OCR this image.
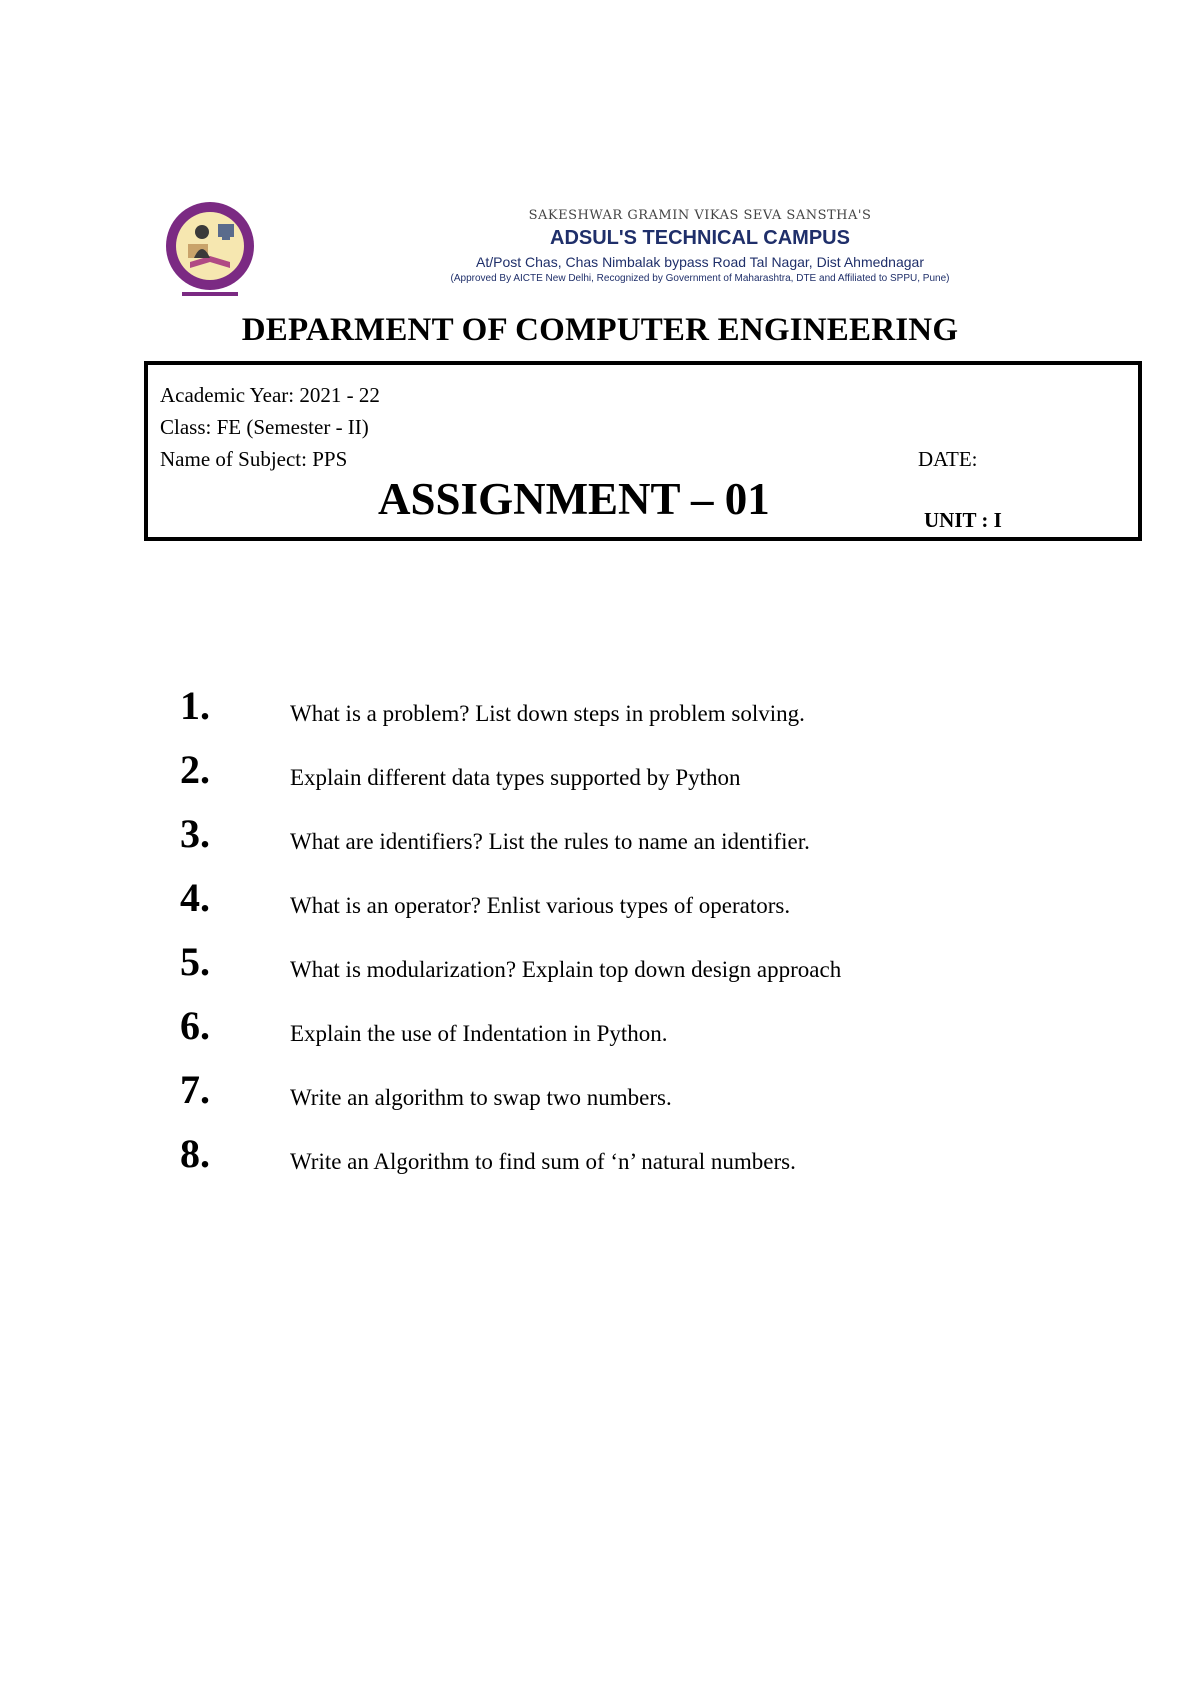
SAKESHWAR GRAMIN VIKAS SEVA SANSTHA'S
ADSUL'S TECHNICAL CAMPUS
At/Post Chas, Chas Nimbalak bypass Road Tal Nagar, Dist Ahmednagar
(Approved By AICTE New Delhi, Recognized by Government of Maharashtra, DTE and Affiliated to SPPU, Pune)
DEPARMENT OF COMPUTER ENGINEERING
Academic Year: 2021 - 22
Class: FE (Semester - II)
Name of Subject: PPS	DATE:
ASSIGNMENT – 01	UNIT : I
1.	What is a problem? List down steps in problem solving.
2.	Explain different data types supported by Python
3.	What are identifiers? List the rules to name an identifier.
4.	What is an operator? Enlist various types of operators.
5.	What is modularization? Explain top down design approach
6.	Explain the use of Indentation in Python.
7.	Write an algorithm to swap two numbers.
8.	Write an Algorithm to find sum of ‘n’ natural numbers.
